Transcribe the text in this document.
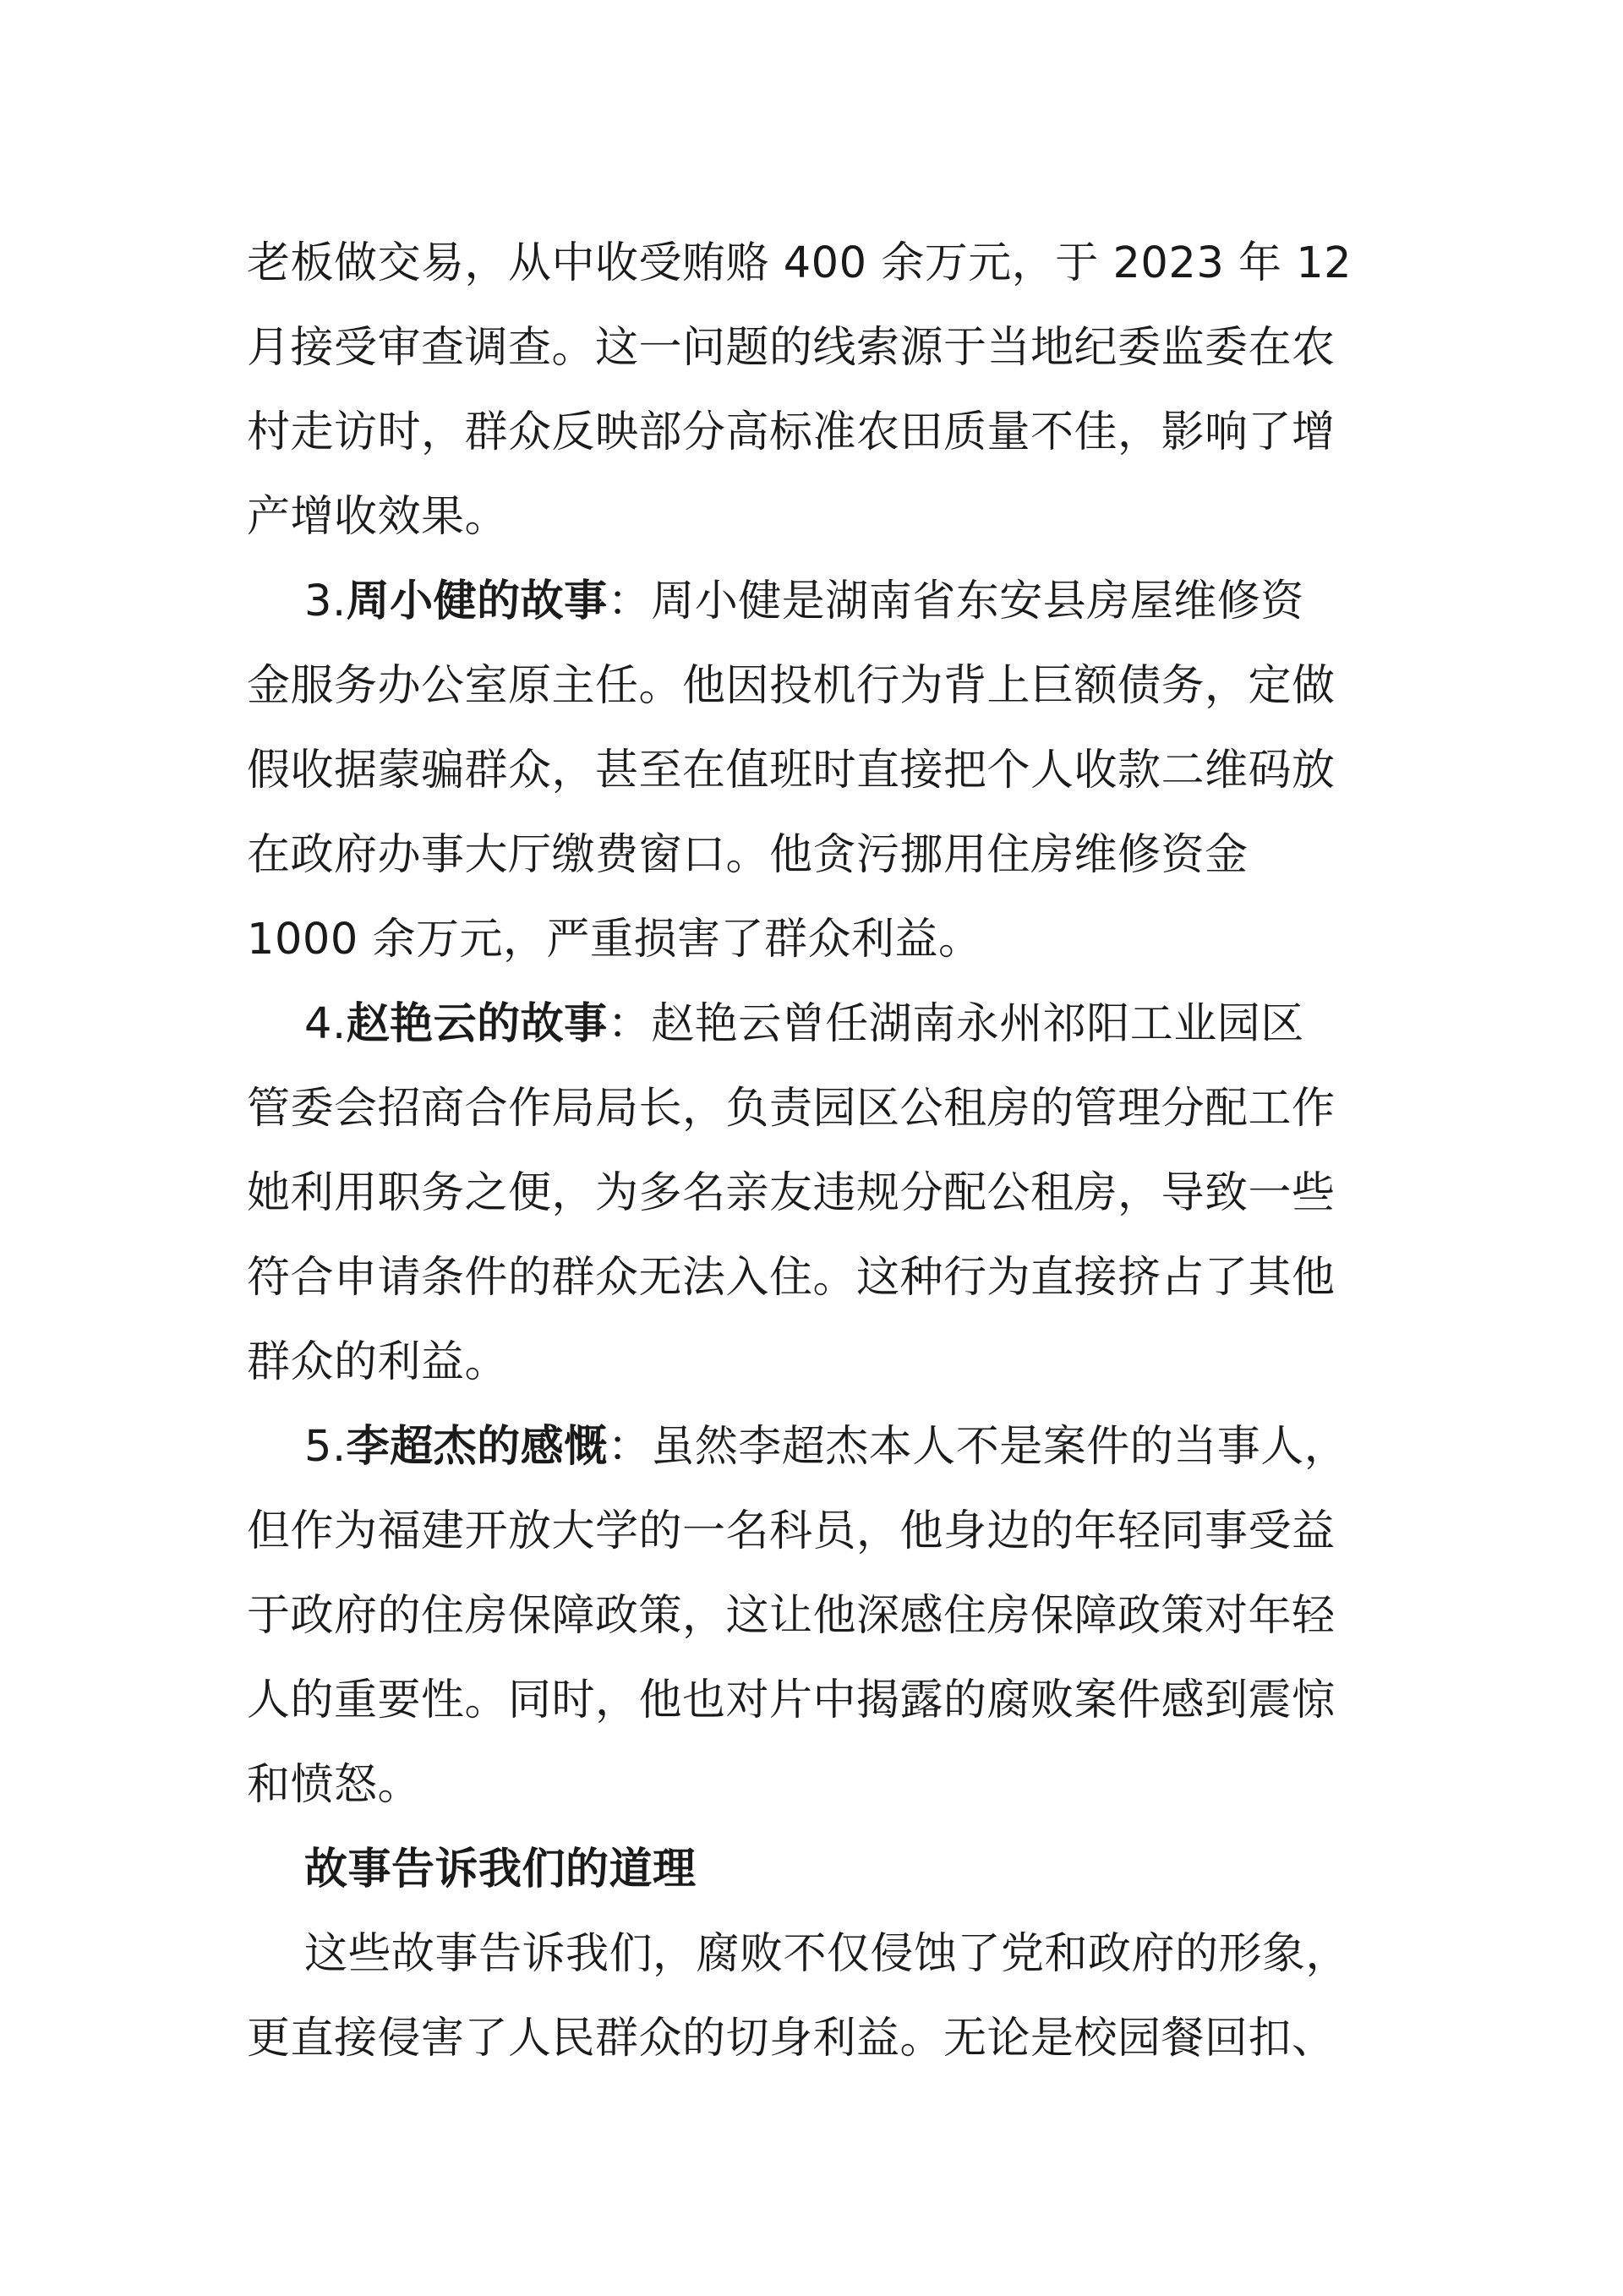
老板做交易，从中收受贿赂 400 余万元，于 2023 年 12
月接受审查调查。这一问题的线索源于当地纪委监委在农
村走访时，群众反映部分高标准农田质量不佳，影响了增
产增收效果。
3.周小健的故事：周小健是湖南省东安县房屋维修资
金服务办公室原主任。他因投机行为背上巨额债务，定做
假收据蒙骗群众，甚至在值班时直接把个人收款二维码放
在政府办事大厅缴费窗口。他贪污挪用住房维修资金
1000 余万元，严重损害了群众利益。
4.赵艳云的故事：赵艳云曾任湖南永州祁阳工业园区
管委会招商合作局局长，负责园区公租房的管理分配工作
她利用职务之便，为多名亲友违规分配公租房，导致一些
符合申请条件的群众无法入住。这种行为直接挤占了其他
群众的利益。
5.李超杰的感慨：虽然李超杰本人不是案件的当事人，
但作为福建开放大学的一名科员，他身边的年轻同事受益
于政府的住房保障政策，这让他深感住房保障政策对年轻
人的重要性。同时，他也对片中揭露的腐败案件感到震惊
和愤怒。
故事告诉我们的道理
这些故事告诉我们，腐败不仅侵蚀了党和政府的形象，
更直接侵害了人民群众的切身利益。无论是校园餐回扣、
